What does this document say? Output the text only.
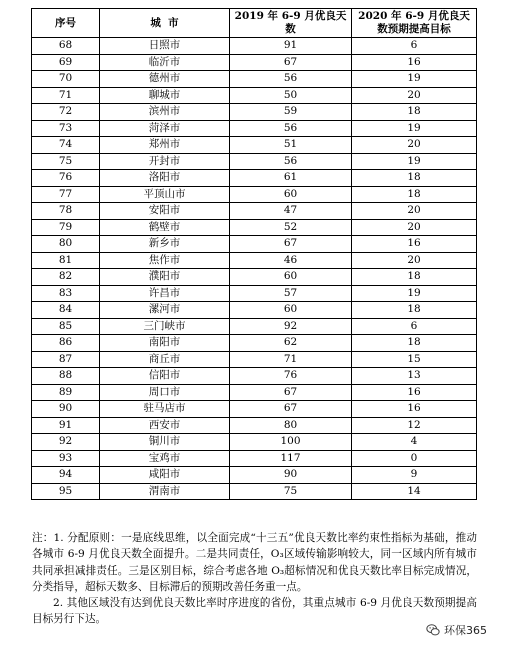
序号	城  市	2019 年 6-9 月优良天数	2020 年 6-9 月优良天数预期提高目标
68	日照市	91	6
69	临沂市	67	16
70	德州市	56	19
71	聊城市	50	20
72	滨州市	59	18
73	菏泽市	56	19
74	郑州市	51	20
75	开封市	56	19
76	洛阳市	61	18
77	平顶山市	60	18
78	安阳市	47	20
79	鹤壁市	52	20
80	新乡市	67	16
81	焦作市	46	20
82	濮阳市	60	18
83	许昌市	57	19
84	漯河市	60	18
85	三门峡市	92	6
86	南阳市	62	18
87	商丘市	71	15
88	信阳市	76	13
89	周口市	67	16
90	驻马店市	67	16
91	西安市	80	12
92	铜川市	100	4
93	宝鸡市	117	0
94	咸阳市	90	9
95	渭南市	75	14

注：1. 分配原则：一是底线思维，以全面完成“十三五”优良天数比率约束性指标为基础，推动各城市 6-9 月优良天数全面提升。二是共同责任，O₃区域传输影响较大，同一区域内所有城市共同承担减排责任。三是区别目标，综合考虑各地 O₃超标情况和优良天数比率目标完成情况，分类指导，超标天数多、目标滞后的预期改善任务重一点。

2. 其他区域没有达到优良天数比率时序进度的省份，其重点城市 6-9 月优良天数预期提高目标另行下达。

环保365
